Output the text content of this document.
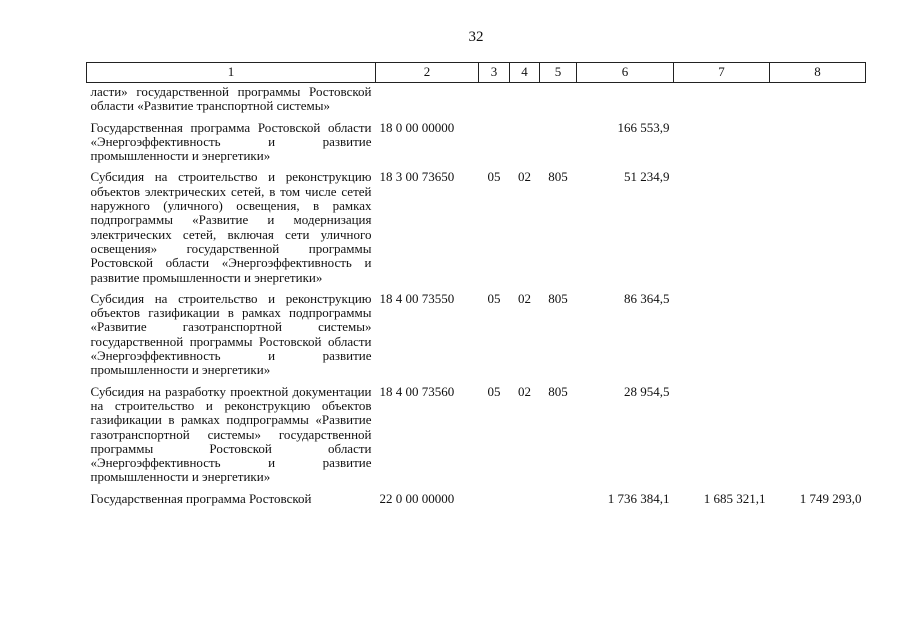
32
1	2	3	4	5	6	7	8
ласти» государственной программы Ростовской области «Развитие транспортной системы»							
Государственная программа Ростовской области «Энергоэффективность и развитие промышленности и энергетики»	18 0 00 00000				166 553,9		
Субсидия на строительство и реконструкцию объектов электрических сетей, в том числе сетей наружного (уличного) освещения, в рамках подпрограммы «Развитие и модернизация электрических сетей, включая сети уличного освещения» государственной программы Ростовской области «Энергоэффективность и развитие промышленности и энергетики»	18 3 00 73650	05	02	805	51 234,9		
Субсидия на строительство и реконструкцию объектов газификации в рамках подпрограммы «Развитие газотранспортной системы» государственной программы Ростовской области «Энергоэффективность и развитие промышленности и энергетики»	18 4 00 73550	05	02	805	86 364,5		
Субсидия на разработку проектной документации на строительство и реконструкцию объектов газификации в рамках подпрограммы «Развитие газотранспортной системы» государственной программы Ростовской области «Энергоэффективность и развитие промышленности и энергетики»	18 4 00 73560	05	02	805	28 954,5		
Государственная программа Ростовской	22 0 00 00000				1 736 384,1	1 685 321,1	1 749 293,0
